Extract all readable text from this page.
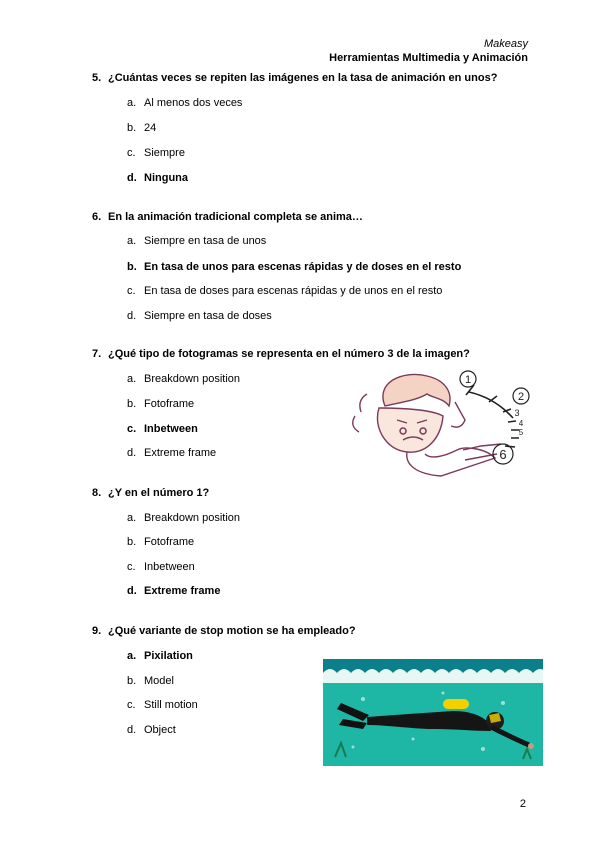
Makeasy
Herramientas Multimedia y Animación
5. ¿Cuántas veces se repiten las imágenes en la tasa de animación en unos?
a. Al menos dos veces
b. 24
c. Siempre
d. Ninguna
6. En la animación tradicional completa se anima…
a. Siempre en tasa de unos
b. En tasa de unos para escenas rápidas y de doses en el resto
c. En tasa de doses para escenas rápidas y de unos en el resto
d. Siempre en tasa de doses
7. ¿Qué tipo de fotogramas se representa en el número 3 de la imagen?
a. Breakdown position
b. Fotoframe
c. Inbetween
d. Extreme frame
1
2
3
4
5
6
8. ¿Y en el número 1?
a. Breakdown position
b. Fotoframe
c. Inbetween
d. Extreme frame
9. ¿Qué variante de stop motion se ha empleado?
a. Pixilation
b. Model
c. Still motion
d. Object
2
